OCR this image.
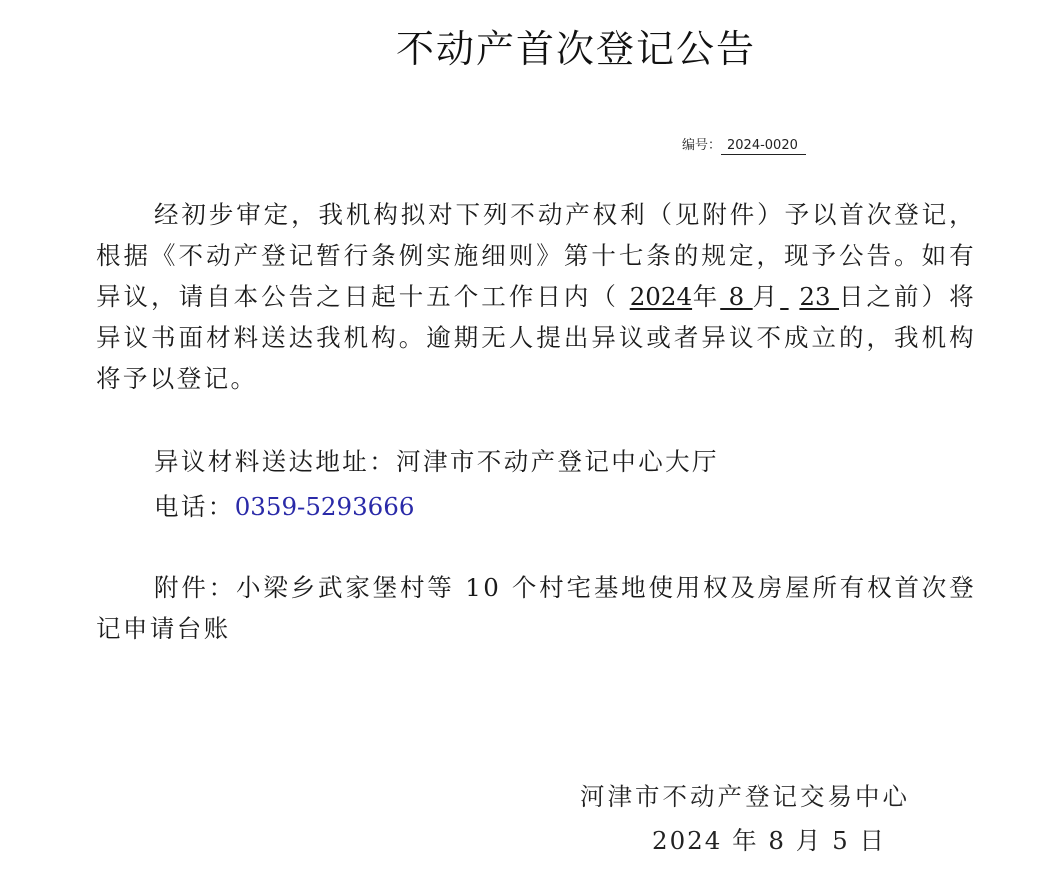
不动产首次登记公告
编号： 2024-0020
经初步审定，我机构拟对下列不动产权利（见附件）予以首次登记，根据《不动产登记暂行条例实施细则》第十七条的规定，现予公告。如有异议，请自本公告之日起十五个工作日内（ 2024年 8 月 23 日之前）将异议书面材料送达我机构。逾期无人提出异议或者异议不成立的，我机构将予以登记。
异议材料送达地址：河津市不动产登记中心大厅
电话：0359-5293666
附件：小梁乡武家堡村等 10 个村宅基地使用权及房屋所有权首次登记申请台账
河津市不动产登记交易中心
2024 年 8 月 5 日
